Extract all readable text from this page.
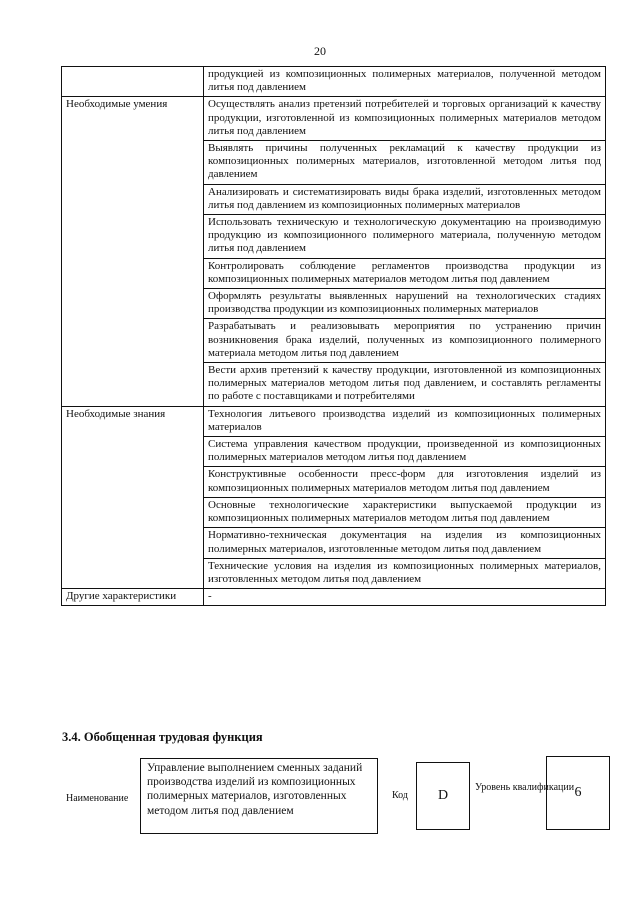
20
	продукцией из композиционных полимерных материалов, полученной методом литья под давлением
Необходимые умения	Осуществлять анализ претензий потребителей и торговых организаций к качеству продукции, изготовленной из композиционных полимерных материалов методом литья под давлением
	Выявлять причины полученных рекламаций к качеству продукции из композиционных полимерных материалов, изготовленной методом литья под давлением
	Анализировать и систематизировать виды брака изделий, изготовленных методом литья под давлением из композиционных полимерных материалов
	Использовать техническую и технологическую документацию на производимую продукцию из композиционного полимерного материала, полученную методом литья под давлением
	Контролировать соблюдение регламентов производства продукции из композиционных полимерных материалов методом литья под давлением
	Оформлять результаты выявленных нарушений на технологических стадиях производства продукции из композиционных полимерных материалов
	Разрабатывать и реализовывать мероприятия по устранению причин возникновения брака изделий, полученных из композиционного полимерного материала методом литья под давлением
	Вести архив претензий к качеству продукции, изготовленной из композиционных полимерных материалов методом литья под давлением, и составлять регламенты по работе с поставщиками и потребителями
Необходимые знания	Технология литьевого производства изделий из композиционных полимерных материалов
	Система управления качеством продукции, произведенной из композиционных полимерных материалов методом литья под давлением
	Конструктивные особенности пресс-форм для изготовления изделий из композиционных полимерных материалов методом литья под давлением
	Основные технологические характеристики выпускаемой продукции из композиционных полимерных материалов методом литья под давлением
	Нормативно-техническая документация на изделия из композиционных полимерных материалов, изготовленные методом литья под давлением
	Технические условия на изделия из композиционных полимерных материалов, изготовленных методом литья под давлением
Другие характеристики	-
3.4. Обобщенная трудовая функция
Наименование
Управление выполнением сменных заданий производства изделий из композиционных полимерных материалов, изготовленных методом литья под давлением
Код	D
Уровень квалификации 6
